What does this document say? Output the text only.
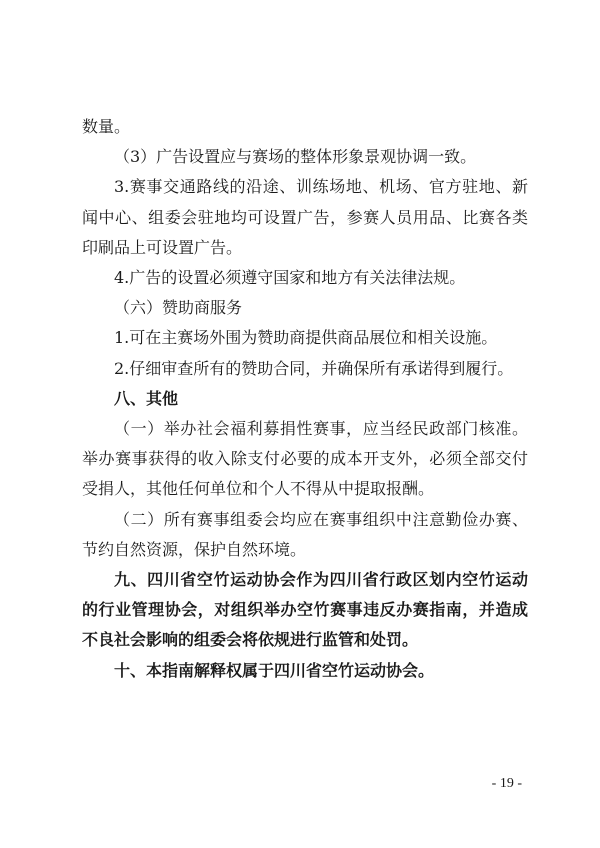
数量。

（3）广告设置应与赛场的整体形象景观协调一致。

3.赛事交通路线的沿途、训练场地、机场、官方驻地、新闻中心、组委会驻地均可设置广告，参赛人员用品、比赛各类印刷品上可设置广告。

4.广告的设置必须遵守国家和地方有关法律法规。

（六）赞助商服务

1.可在主赛场外围为赞助商提供商品展位和相关设施。

2.仔细审查所有的赞助合同，并确保所有承诺得到履行。

八、其他

（一）举办社会福利募捐性赛事，应当经民政部门核准。举办赛事获得的收入除支付必要的成本开支外，必须全部交付受捐人，其他任何单位和个人不得从中提取报酬。

（二）所有赛事组委会均应在赛事组织中注意勤俭办赛、节约自然资源，保护自然环境。

九、四川省空竹运动协会作为四川省行政区划内空竹运动的行业管理协会，对组织举办空竹赛事违反办赛指南，并造成不良社会影响的组委会将依规进行监管和处罚。

十、本指南解释权属于四川省空竹运动协会。

- 19 -
